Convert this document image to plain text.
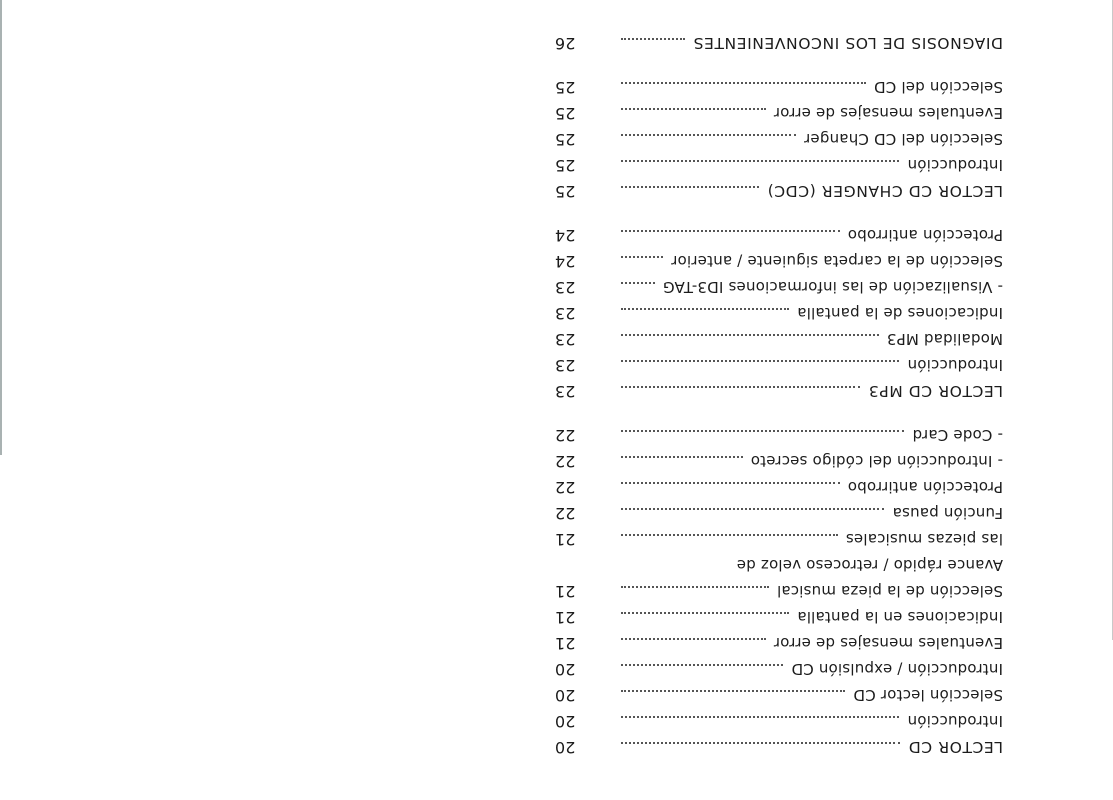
LECTOR CD
20
Introducción
20
Selección lector CD
20
Introducción / expulsión CD
20
Eventuales mensajes de error
21
Indicaciones en la pantalla
21
Selección de la pieza musical
21
Avance rápido / retroceso veloz de
las piezas musicales
21
Función pausa
22
Protección antirrobo
22
- Introducción del código secreto
22
- Code Card
22
LECTOR CD MP3
23
Introducción
23
Modalidad MP3
23
Indicaciones de la pantalla
23
- Visualización de las informaciones ID3-TAG
23
Selección de la carpeta siguiente / anterior
24
Protección antirrobo
24
LECTOR CD CHANGER (CDC)
25
Introducción
25
Selección del CD Changer
25
Eventuales mensajes de error
25
Selección del CD
25
DIAGNOSIS DE LOS INCONVENIENTES
26
